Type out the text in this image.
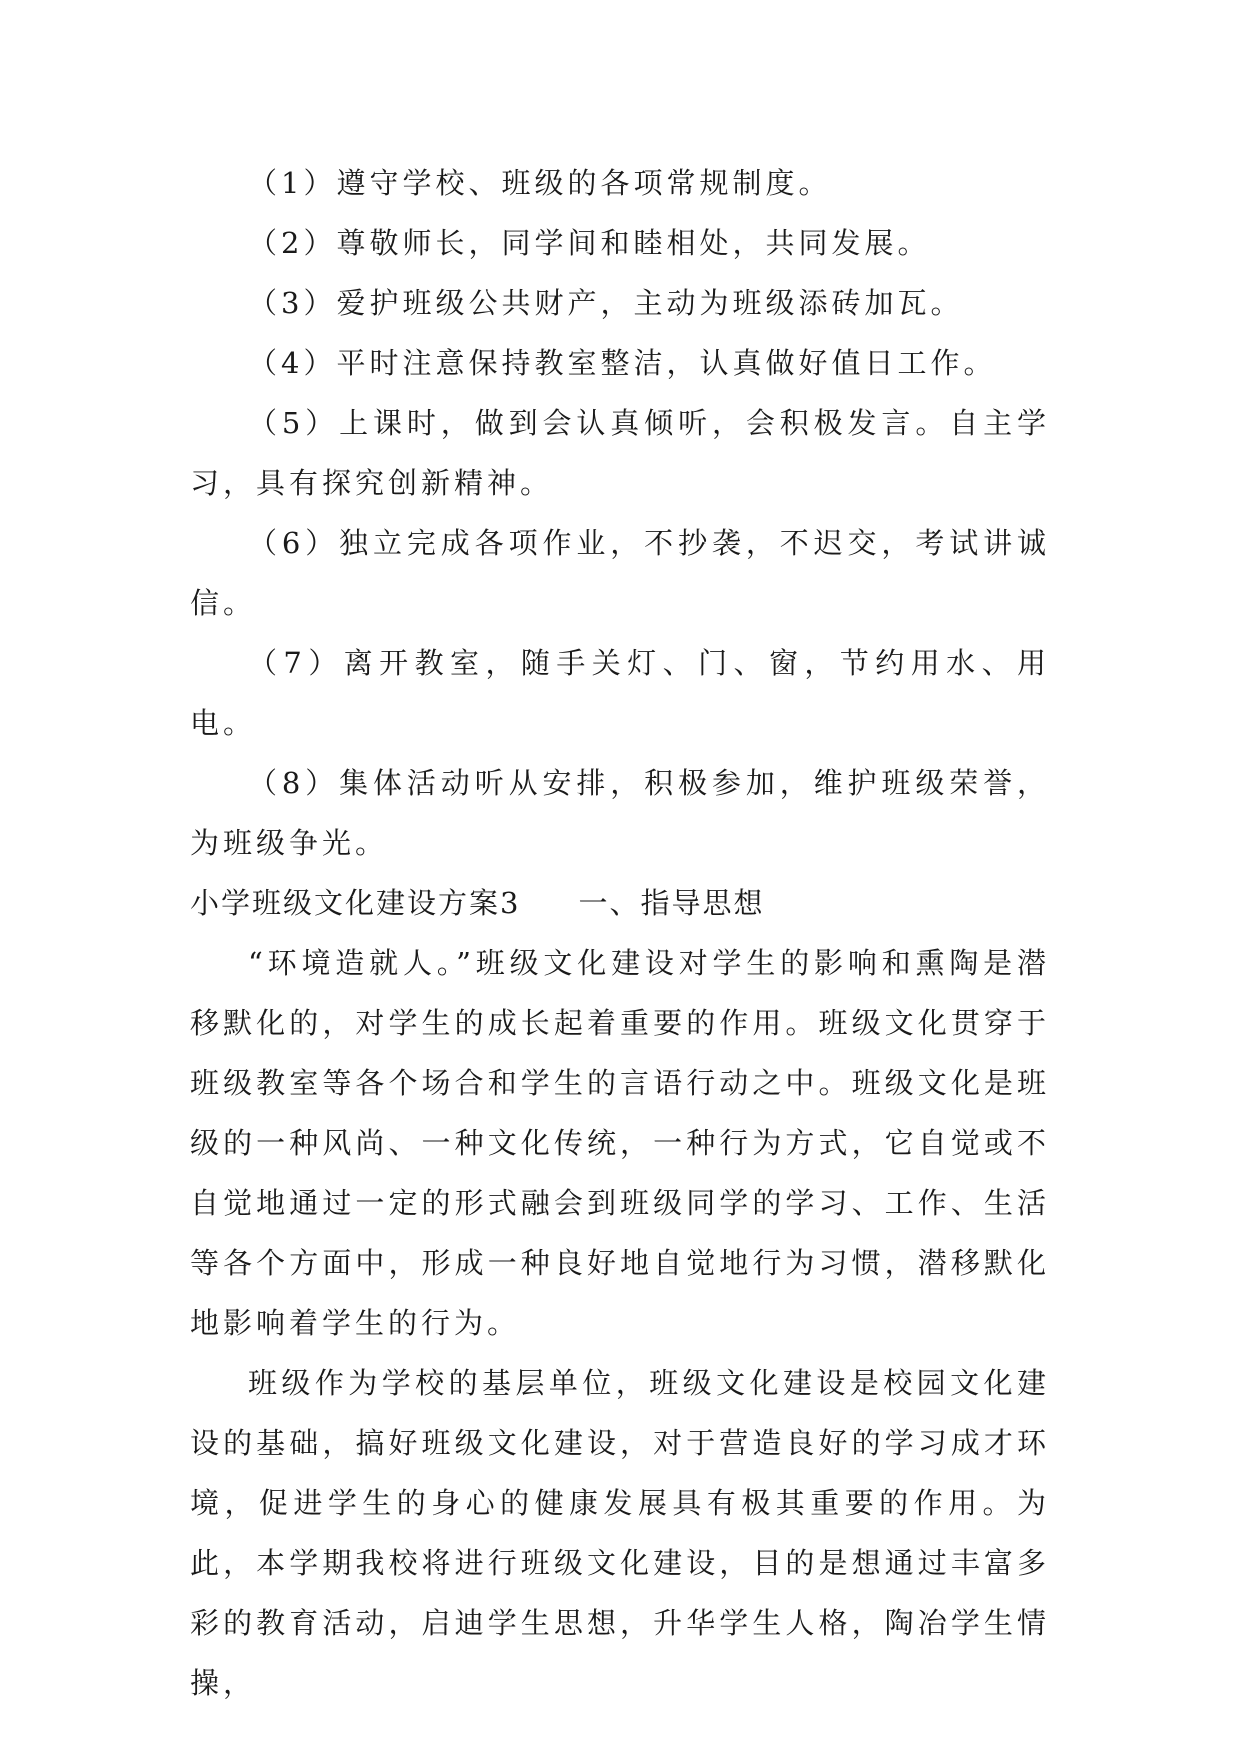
（1）遵守学校、班级的各项常规制度。

（2）尊敬师长，同学间和睦相处，共同发展。

（3）爱护班级公共财产，主动为班级添砖加瓦。

（4）平时注意保持教室整洁，认真做好值日工作。

（5）上课时，做到会认真倾听，会积极发言。自主学习，具有探究创新精神。

（6）独立完成各项作业，不抄袭，不迟交，考试讲诚信。

（7）离开教室，随手关灯、门、窗，节约用水、用电。

（8）集体活动听从安排，积极参加，维护班级荣誉，为班级争光。

小学班级文化建设方案3 一、指导思想

“环境造就人。”班级文化建设对学生的影响和熏陶是潜移默化的，对学生的成长起着重要的作用。班级文化贯穿于班级教室等各个场合和学生的言语行动之中。班级文化是班级的一种风尚、一种文化传统，一种行为方式，它自觉或不自觉地通过一定的形式融会到班级同学的学习、工作、生活等各个方面中，形成一种良好地自觉地行为习惯，潜移默化地影响着学生的行为。

班级作为学校的基层单位，班级文化建设是校园文化建设的基础，搞好班级文化建设，对于营造良好的学习成才环境，促进学生的身心的健康发展具有极其重要的作用。为此，本学期我校将进行班级文化建设，目的是想通过丰富多彩的教育活动，启迪学生思想，升华学生人格，陶冶学生情操，
